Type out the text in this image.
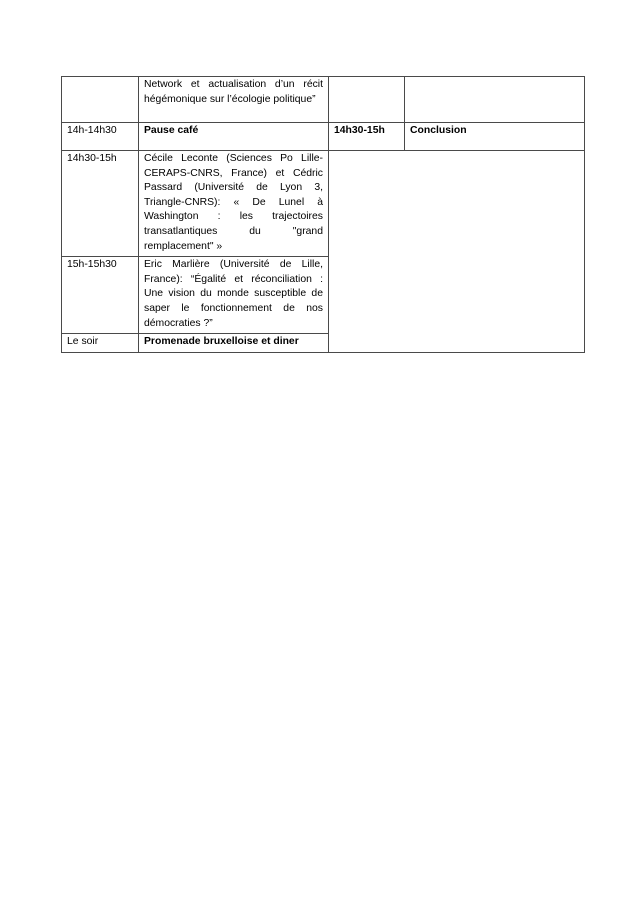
	Network et actualisation d’un récit hégémonique sur l’écologie politique”		
14h-14h30	Pause café	14h30-15h	Conclusion
14h30-15h	Cécile Leconte (Sciences Po Lille-CERAPS-CNRS, France) et Cédric Passard (Université de Lyon 3, Triangle-CNRS): « De Lunel à Washington : les trajectoires transatlantiques du "grand remplacement" »		
15h-15h30	Eric Marlière (Université de Lille, France): “Égalité et réconciliation : Une vision du monde susceptible de saper le fonctionnement de nos démocraties ?”		
Le soir	Promenade bruxelloise et diner		
